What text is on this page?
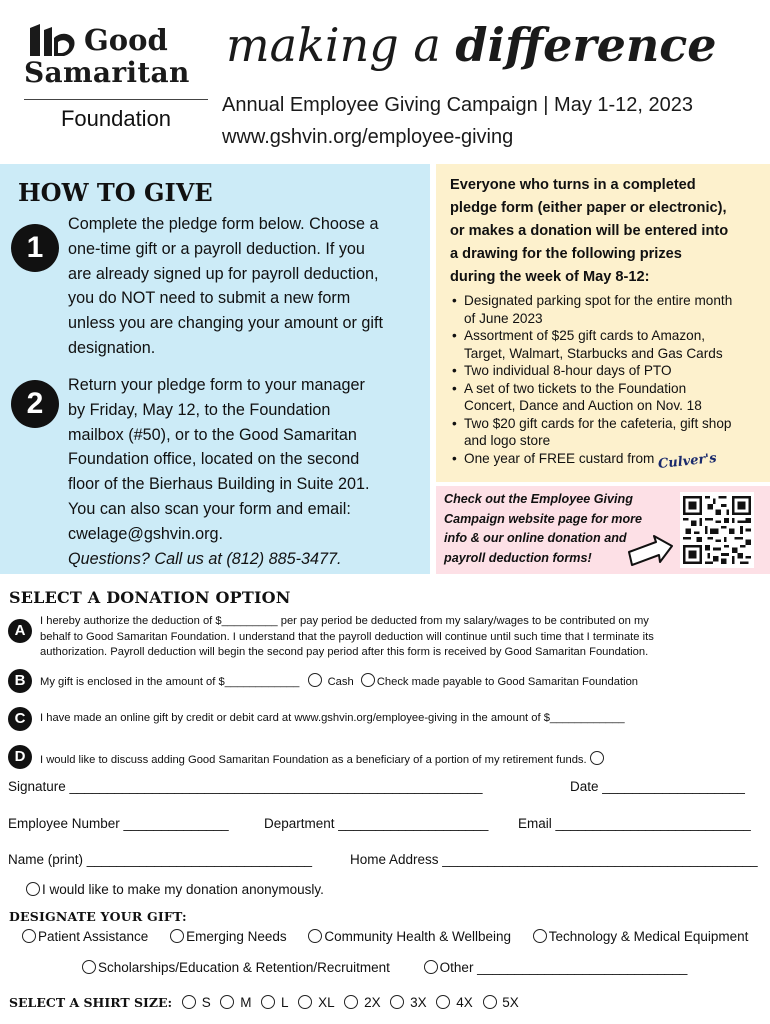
Good
Samaritan
Foundation
making a difference
Annual Employee Giving Campaign | May 1-12, 2023
www.gshvin.org/employee-giving
HOW TO GIVE
1
Complete the pledge form below. Choose a
one-time gift or a payroll deduction. If you
are already signed up for payroll deduction,
you do NOT need to submit a new form
unless you are changing your amount or gift
designation.
2
Return your pledge form to your manager
by Friday, May 12, to the Foundation
mailbox (#50), or to the Good Samaritan
Foundation office, located on the second
floor of the Bierhaus Building in Suite 201.
You can also scan your form and email:
cwelage@gshvin.org.
Questions? Call us at (812) 885-3477.
Everyone who turns in a completed
pledge form (either paper or electronic),
or makes a donation will be entered into
a drawing for the following prizes
during the week of May 8-12:
• Designated parking spot for the entire month
of June 2023
• Assortment of $25 gift cards to Amazon,
Target, Walmart, Starbucks and Gas Cards
• Two individual 8-hour days of PTO
• A set of two tickets to the Foundation
Concert, Dance and Auction on Nov. 18
• Two $20 gift cards for the cafeteria, gift shop
and logo store
• One year of FREE custard from Culver's
Check out the Employee Giving
Campaign website page for more
info & our online donation and
payroll deduction forms!
SELECT A DONATION OPTION
A
I hereby authorize the deduction of $_________ per pay period be deducted from my salary/wages to be contributed on my
behalf to Good Samaritan Foundation. I understand that the payroll deduction will continue until such time that I terminate its
authorization. Payroll deduction will begin the second pay period after this form is received by Good Samaritan Foundation.
B	My gift is enclosed in the amount of $____________	Cash Check made payable to Good Samaritan Foundation
C	I have made an online gift by credit or debit card at www.gshvin.org/employee-giving in the amount of $____________
D	I would like to discuss adding Good Samaritan Foundation as a beneficiary of a portion of my retirement funds.
Signature _______________________________________________________	Date ___________________
Employee Number ______________	Department ____________________ Email __________________________
Name (print) ______________________________	Home Address __________________________________________
I would like to make my donation anonymously.
DESIGNATE YOUR GIFT:
Patient Assistance	Emerging Needs	Community Health & Wellbeing	Technology & Medical Equipment
Scholarships/Education & Retention/Recruitment	Other ____________________________
SELECT A SHIRT SIZE: S M L XL 2X 3X 4X 5X
